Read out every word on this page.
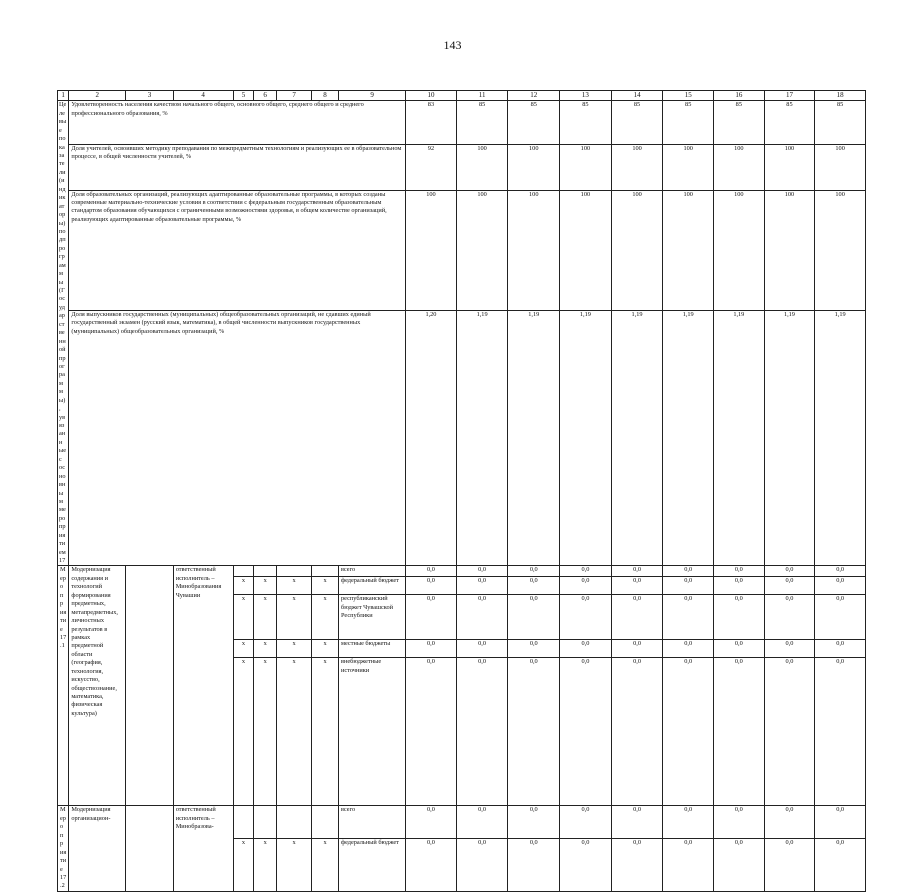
143
1	2	3	4	5	6	7	8	9	10	11	12	13	14	15	16	17	18
Целевые показатели (индикаторы) подпрограммы (Государственной программы), увязанные с основным мероприятием 17	Удовлетворенность населения качеством начального общего, основного общего, среднего общего и среднего профессионального образования, %								83	85	85	85	85	85	85	85	85
	Доля учителей, освоивших методику преподавания по межпредметным технологиям и реализующих ее в образовательном процессе, в общей численности учителей, %								92	100	100	100	100	100	100	100	100
	Доля образовательных организаций, реализующих адаптированные образовательные программы, в которых созданы современные материально-технические условия в соответствии с федеральным государственным образовательным стандартом образования обучающихся с ограниченными возможностями здоровья, в общем количестве организаций, реализующих адаптированные образовательные программы, %								100	100	100	100	100	100	100	100	100
	Доля выпускников государственных (муниципальных) общеобразовательных организаций, не сдавших единый государственный экзамен (русский язык, математика), в общей численности выпускников государственных (муниципальных) общеобразовательных организаций, %								1,20	1,19	1,19	1,19	1,19	1,19	1,19	1,19	1,19
Мероприятие 17.1	Модернизация содержания и технологий формирования предметных, метапредметных, личностных результатов в рамках предметной области (география, технология, искусство, обществознание, математика, физическая культура)		ответственный исполнитель – Минобразования Чувашии					всего	0,0	0,0	0,0	0,0	0,0	0,0	0,0	0,0	0,0
				x	x	x	x	федеральный бюджет	0,0	0,0	0,0	0,0	0,0	0,0	0,0	0,0	0,0
				x	x	x	x	республиканский бюджет Чувашской Республики	0,0	0,0	0,0	0,0	0,0	0,0	0,0	0,0	0,0
				x	x	x	x	местные бюджеты	0,0	0,0	0,0	0,0	0,0	0,0	0,0	0,0	0,0
				x	x	x	x	внебюджетные источники	0,0	0,0	0,0	0,0	0,0	0,0	0,0	0,0	0,0
Мероприятие 17.2	Модернизация организацион-		ответственный исполнитель – Минобразова-					всего	0,0	0,0	0,0	0,0	0,0	0,0	0,0	0,0	0,0
				x	x	x	x	федеральный бюджет	0,0	0,0	0,0	0,0	0,0	0,0	0,0	0,0	0,0
